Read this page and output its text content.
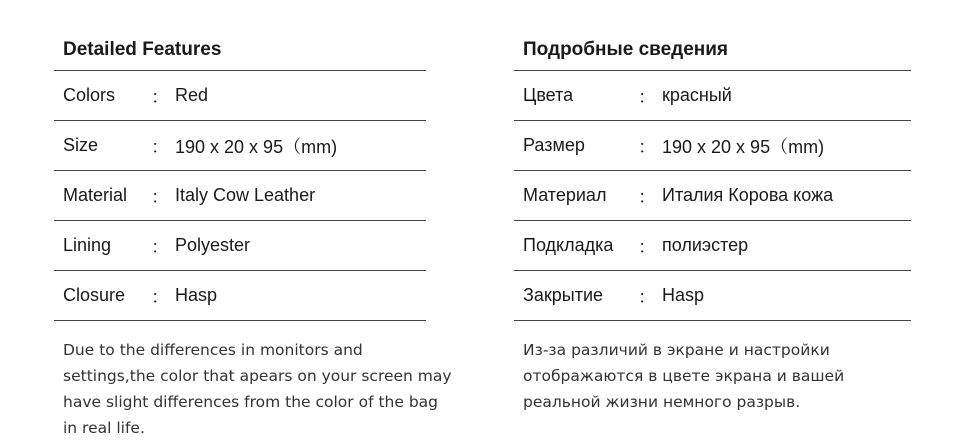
Detailed Features
Colors	： Red
Size	： 190 x 20 x 95（mm)
Material	： Italy Cow Leather
Lining	： Polyester
Closure	： Hasp
Due to the differences in monitors and settings,the color that apears on your screen may have slight differences from the color of the bag in real life.
Подробные сведения
Цвета	： красный
Размер	： 190 x 20 x 95（mm)
Материал	： Италия Корова кожа
Подкладка	： полиэстер
Закрытие	： Hasp
Из-за различий в экране и настройки отображаются в цвете экрана и вашей реальной жизни немного разрыв.
